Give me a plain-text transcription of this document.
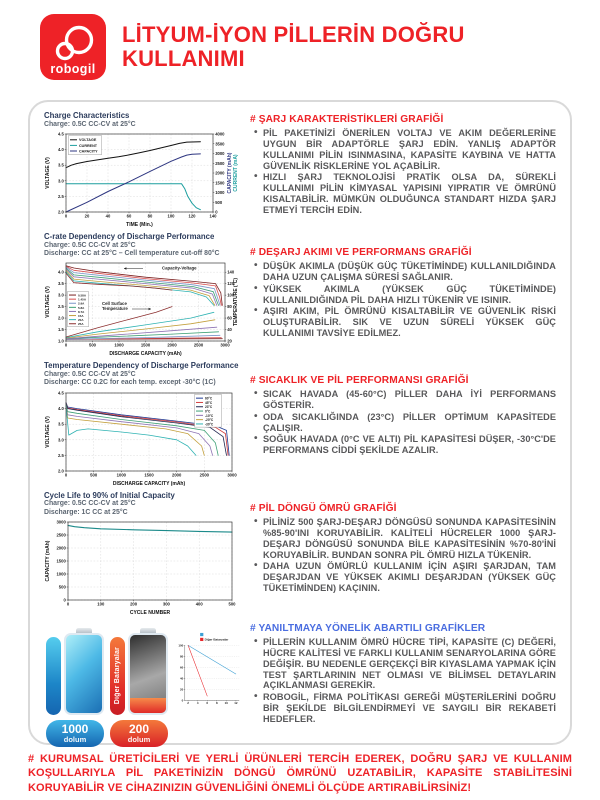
robogil
LİTYUM-İYON PİLLERİN DOĞRU KULLANIMI
Charge Characteristics
Charge: 0.5C CC-CV at 25°C
0	20	40	60	80	100	120	140
2.0
2.5
3.0
3.5
4.0
4.5
0
500
1000
1500
2000
2500
3000
3500
4000
TIME (Min.)
VOLTAGE (V)	CAPACITY (mAh) CURRENT (mA)
VOLTAGE
CURRENT
CAPACITY
C-rate Dependency of Discharge Performance
Charge: 0.5C CC-CV at 25°C
Discharge: CC at 25°C – Cell temperature cut-off 80°C
0	500	1000	1500	2000	2500	3000
1.0
1.5
2.0
2.5
3.0
3.5
4.0
20
40
60
80
100
120
140
DISCHARGE CAPACITY (mAh)
VOLTAGE (V)	TEMPERATURE (°C)
0.58A
1.45A
2.9A
5.8A
8.7A
15A
20A
25A
Capacity-Voltage
Cell Surface Temperature
Temperature Dependency of Discharge Performance
Charge: 0.5C CC-CV at 25°C
Discharge: CC 0.2C for each temp. except -30°C (1C)
0	500	1000	1500	2000	2500	3000
2.0
2.5
3.0
3.5
4.0
4.5
DISCHARGE CAPACITY (mAh)
VOLTAGE (V)
60°C
45°C
23°C
0°C
-10°C
-20°C
-30°C
Cycle Life to 90% of Initial Capacity
Charge: 0.5C CC-CV at 25°C
Discharge: 1C CC at 25°C
0	100	200	300	400	500
0
500
1000
1500
2000
2500
3000
CYCLE NUMBER
CAPACITY (mAh)
1000
dolum
Diğer Bataryalar
200
dolum
2 4 6 8 10 12
0
20
40
60
80
100
Diğer Bataryalar
# ŞARJ KARAKTERİSTİKLERİ GRAFİĞİ
• PİL PAKETİNİZİ ÖNERİLEN VOLTAJ VE AKIM DEĞERLERİNE UYGUN BİR ADAPTÖRLE ŞARJ EDİN. YANLIŞ ADAPTÖR KULLANIMI PİLİN ISINMASINA, KAPASİTE KAYBINA VE HATTA GÜVENLİK RİSKLERİNE YOL AÇABİLİR.
• HIZLI ŞARJ TEKNOLOJİSİ PRATİK OLSA DA, SÜREKLİ KULLANIMI PİLİN KİMYASAL YAPISINI YIPRATIR VE ÖMRÜNÜ KISALTABİLİR. MÜMKÜN OLDUĞUNCA STANDART HIZDA ŞARJ ETMEYİ TERCİH EDİN.
# DEŞARJ AKIMI VE PERFORMANS GRAFİĞİ
• DÜŞÜK AKIMLA (DÜŞÜK GÜÇ TÜKETİMİNDE) KULLANILDIĞINDA DAHA UZUN ÇALIŞMA SÜRESİ SAĞLANIR.
• YÜKSEK AKIMLA (YÜKSEK GÜÇ TÜKETİMİNDE) KULLANILDIĞINDA PİL DAHA HIZLI TÜKENİR VE ISINIR.
• AŞIRI AKIM, PİL ÖMRÜNÜ KISALTABİLİR VE GÜVENLİK RİSKİ OLUŞTURABİLİR. SIK VE UZUN SÜRELİ YÜKSEK GÜÇ KULLANIMI TAVSİYE EDİLMEZ.
# SICAKLIK VE PİL PERFORMANSI GRAFİĞİ
• SICAK HAVADA (45-60°C) PİLLER DAHA İYİ PERFORMANS GÖSTERİR.
• ODA SICAKLIĞINDA (23°C) PİLLER OPTİMUM KAPASİTEDE ÇALIŞIR.
• SOĞUK HAVADA (0°C VE ALTI) PİL KAPASİTESİ DÜŞER, -30°C'DE PERFORMANS CİDDİ ŞEKİLDE AZALIR.
# PİL DÖNGÜ ÖMRÜ GRAFİĞİ
• PİLİNİZ 500 ŞARJ-DEŞARJ DÖNGÜSÜ SONUNDA KAPASİTESİNİN %85-90'INI KORUYABİLİR. KALİTELİ HÜCRELER 1000 ŞARJ-DEŞARJ DÖNGÜSÜ SONUNDA BİLE KAPASİTESİNİN %70-80'İNİ KORUYABİLİR. BUNDAN SONRA PİL ÖMRÜ HIZLA TÜKENİR.
• DAHA UZUN ÖMÜRLÜ KULLANIM İÇİN AŞIRI ŞARJDAN, TAM DEŞARJDAN VE YÜKSEK AKIMLI DEŞARJDAN (YÜKSEK GÜÇ TÜKETİMİNDEN) KAÇININ.
# YANILTMAYA YÖNELİK ABARTILI GRAFİKLER
• PİLLERİN KULLANIM ÖMRÜ HÜCRE TİPİ, KAPASİTE (C) DEĞERİ, HÜCRE KALİTESİ VE FARKLI KULLANIM SENARYOLARINA GÖRE DEĞİŞİR. BU NEDENLE GERÇEKÇİ BİR KIYASLAMA YAPMAK İÇİN TEST ŞARTLARININ NET OLMASI VE BİLİMSEL DETAYLARIN AÇIKLANMASI GEREKİR.
• ROBOGİL, FİRMA POLİTİKASI GEREĞİ MÜŞTERİLERİNİ DOĞRU BİR ŞEKİLDE BİLGİLENDİRMEYİ VE SAYGILI BİR REKABETİ HEDEFLER.
# KURUMSAL ÜRETİCİLERİ VE YERLİ ÜRÜNLERİ TERCİH EDEREK, DOĞRU ŞARJ VE KULLANIM KOŞULLARIYLA PİL PAKETİNİZİN DÖNGÜ ÖMRÜNÜ UZATABİLİR, KAPASİTE STABİLİTESİNİ KORUYABİLİR VE CİHAZINIZIN GÜVENLİĞİNİ ÖNEMLİ ÖLÇÜDE ARTIRABİLİRSİNİZ!
